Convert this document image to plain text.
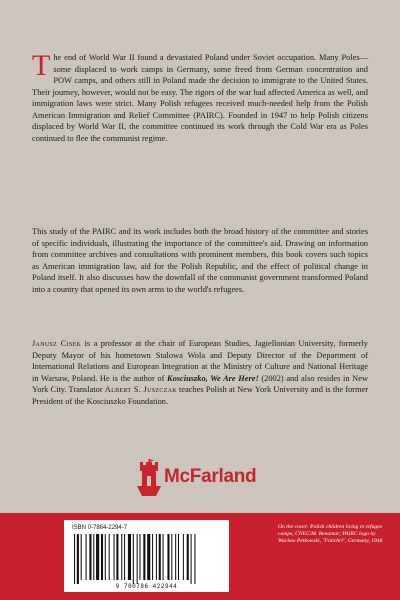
The end of World War II found a devastated Poland under Soviet occupation. Many Poles—some displaced to work camps in Germany, some freed from German concentration and POW camps, and others still in Poland made the decision to immigrate to the United States. Their journey, however, would not be easy. The rigors of the war had affected America as well, and immigration laws were strict. Many Polish refugees received much-needed help from the Polish American Immigration and Relief Committee (PAIRC). Founded in 1947 to help Polish citizens displaced by World War II, the committee continued its work through the Cold War era as Poles continued to flee the communist regime.
This study of the PAIRC and its work includes both the broad history of the committee and stories of specific individuals, illustrating the importance of the committee's aid. Drawing on information from committee archives and consultations with prominent members, this book covers such topics as American immigration law, aid for the Polish Republic, and the effect of political change in Poland itself. It also discusses how the downfall of the communist government transformed Poland into a country that opened its own arms to the world's refugees.
Janusz Cisek is a professor at the chair of European Studies, Jagiellonian University, formerly Deputy Mayor of his hometown Stalowa Wola and Deputy Director of the Department of International Relations and European Integration at the Ministry of Culture and National Heritage in Warsaw, Poland. He is the author of Kosciuszko, We Are Here! (2002) and also resides in New York City. Translator Albert S. Juszczak teaches Polish at New York University and is the former President of the Kosciuszko Foundation.
McFarland
ISBN 0-7864-2294-7
9 780786 422944
On the cover: Polish children living in refugee camps, CNEC/M. Benamar; PAIRC logo by Wacław Petkowski, "Fanchri", Germany, 1948
